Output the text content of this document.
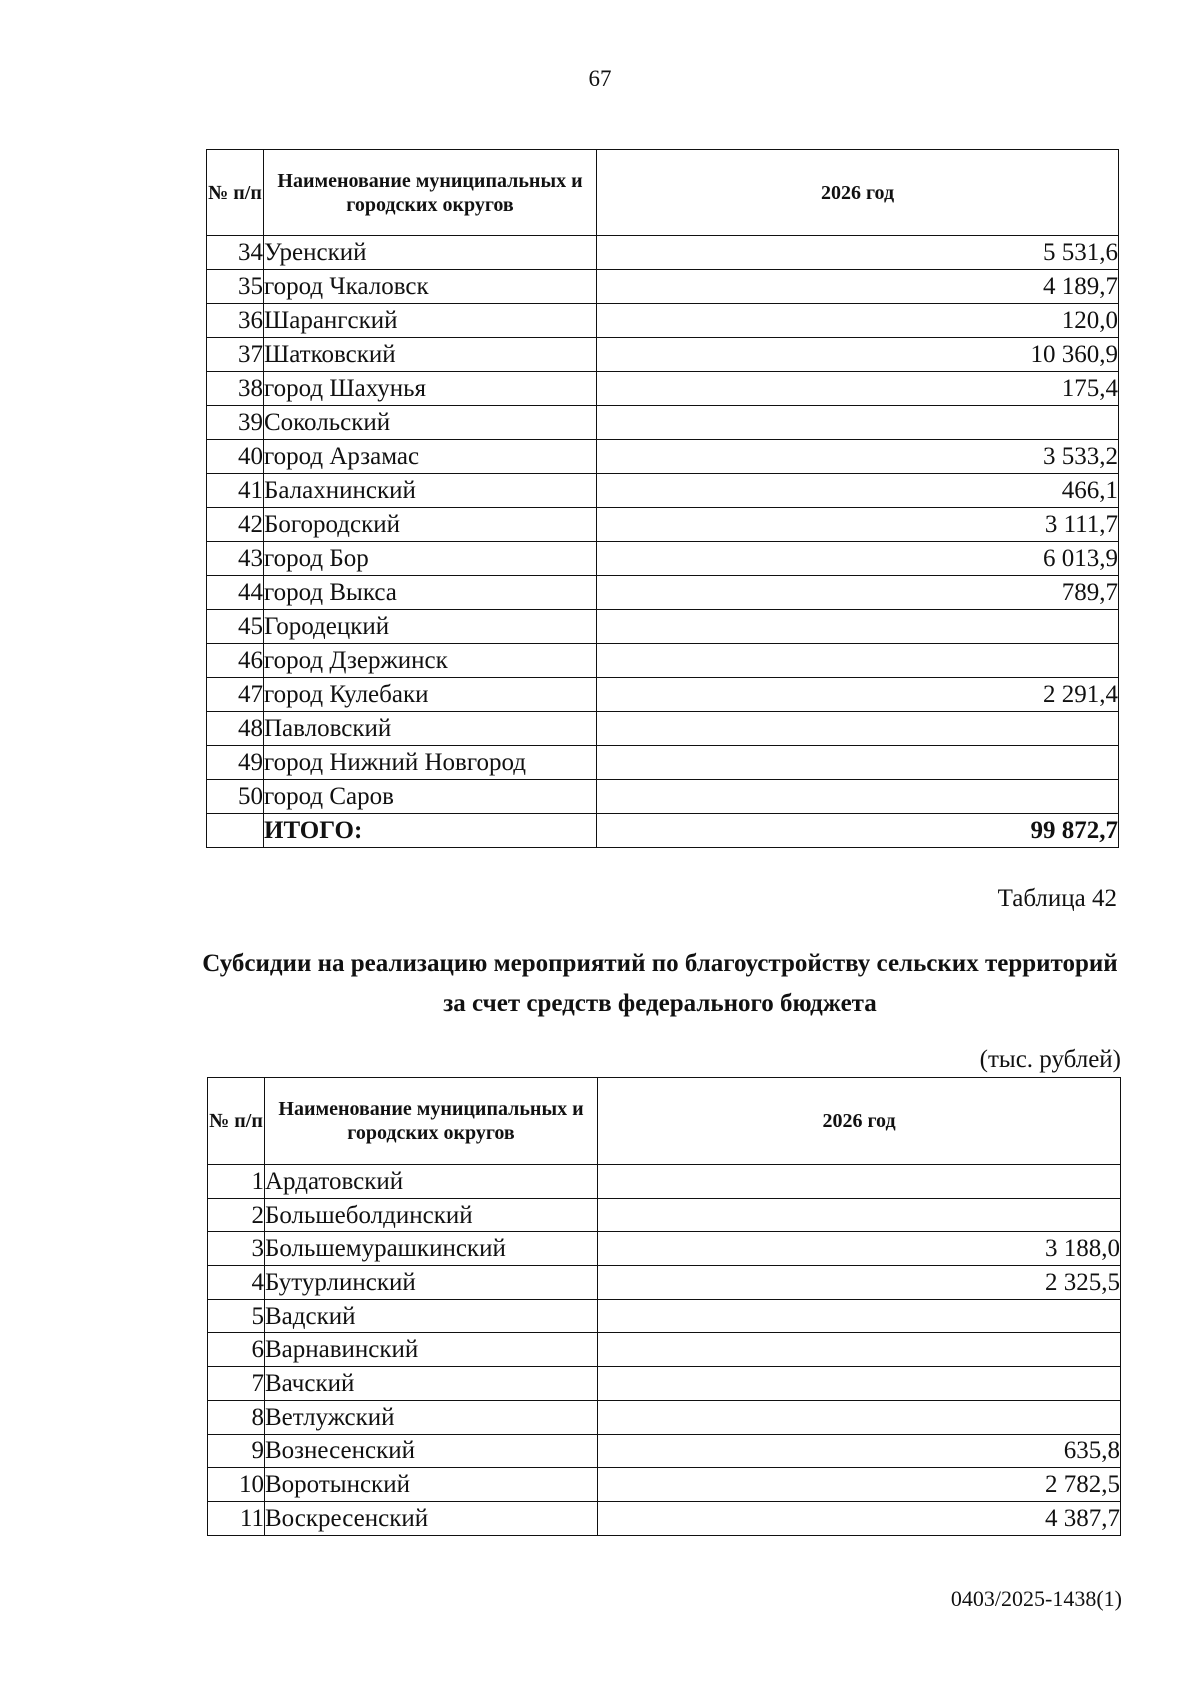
67
№ п/п	Наименование муниципальных и городских округов	2026 год
34	Уренский	5 531,6
35	город Чкаловск	4 189,7
36	Шарангский	120,0
37	Шатковский	10 360,9
38	город Шахунья	175,4
39	Сокольский	
40	город Арзамас	3 533,2
41	Балахнинский	466,1
42	Богородский	3 111,7
43	город Бор	6 013,9
44	город Выкса	789,7
45	Городецкий	
46	город Дзержинск	
47	город Кулебаки	2 291,4
48	Павловский	
49	город Нижний Новгород	
50	город Саров	
	ИТОГО:	99 872,7
Таблица 42
Субсидии на реализацию мероприятий по благоустройству сельских территорий за счет средств федерального бюджета
(тыс. рублей)
№ п/п	Наименование муниципальных и городских округов	2026 год
1	Ардатовский	
2	Большеболдинский	
3	Большемурашкинский	3 188,0
4	Бутурлинский	2 325,5
5	Вадский	
6	Варнавинский	
7	Вачский	
8	Ветлужский	
9	Вознесенский	635,8
10	Воротынский	2 782,5
11	Воскресенский	4 387,7
0403/2025-1438(1)
